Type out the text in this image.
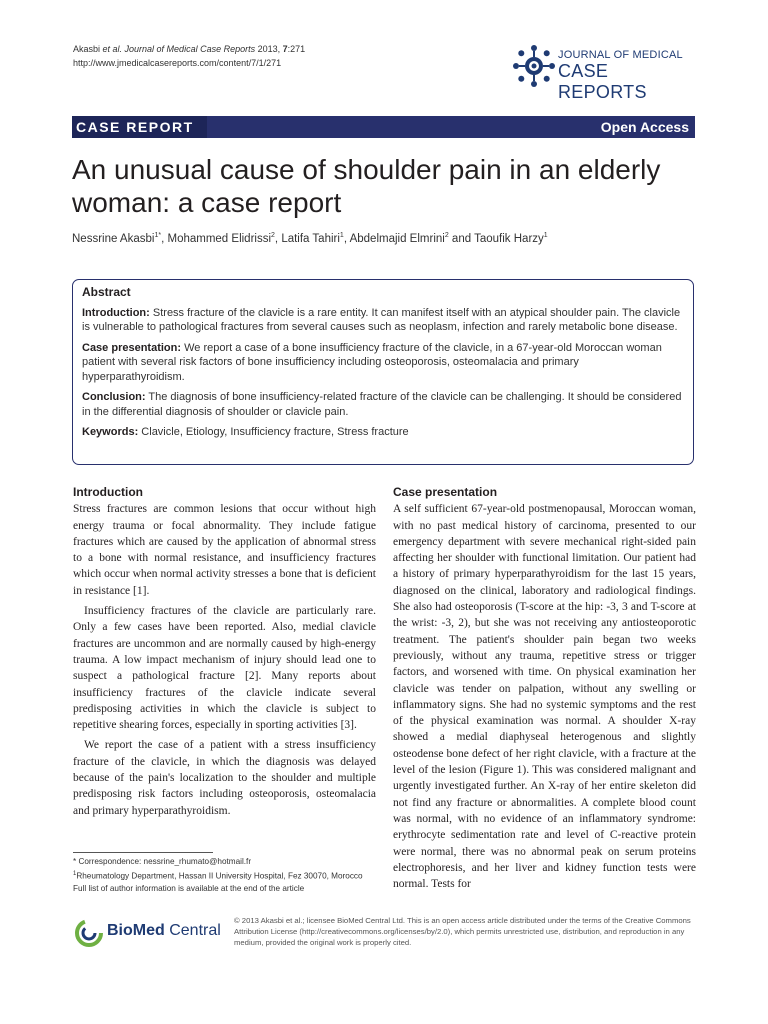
Akasbi et al. Journal of Medical Case Reports 2013, 7:271
http://www.jmedicalcasereports.com/content/7/1/271
JOURNAL OF MEDICAL
CASE REPORTS
CASE REPORT	Open Access
An unusual cause of shoulder pain in an elderly woman: a case report
Nessrine Akasbi$^{1*}$, Mohammed Elidrissi$^2$, Latifa Tahiri$^1$, Abdelmajid Elmrini$^2$ and Taoufik Harzy$^1$
Abstract

Introduction: Stress fracture of the clavicle is a rare entity. It can manifest itself with an atypical shoulder pain. The clavicle is vulnerable to pathological fractures from several causes such as neoplasm, infection and rarely metabolic bone disease.

Case presentation: We report a case of a bone insufficiency fracture of the clavicle, in a 67-year-old Moroccan woman patient with several risk factors of bone insufficiency including osteoporosis, osteomalacia and primary hyperparathyroidism.

Conclusion: The diagnosis of bone insufficiency-related fracture of the clavicle can be challenging. It should be considered in the differential diagnosis of shoulder or clavicle pain.

Keywords: Clavicle, Etiology, Insufficiency fracture, Stress fracture

Introduction

Stress fractures are common lesions that occur without high energy trauma or focal abnormality. They include fatigue fractures which are caused by the application of abnormal stress to a bone with normal resistance, and insufficiency fractures which occur when normal activity stresses a bone that is deficient in resistance [1].

Insufficiency fractures of the clavicle are particularly rare. Only a few cases have been reported. Also, medial clavicle fractures are uncommon and are normally caused by high-energy trauma. A low impact mechanism of injury should lead one to suspect a pathological fracture [2]. Many reports about insufficiency fractures of the clavicle indicate several predisposing activities in which the clavicle is subject to repetitive shearing forces, especially in sporting activities [3].

We report the case of a patient with a stress insufficiency fracture of the clavicle, in which the diagnosis was delayed because of the pain's localization to the shoulder and multiple predisposing risk factors including osteoporosis, osteomalacia and primary hyperparathyroidism.

Case presentation

A self sufficient 67-year-old postmenopausal, Moroccan woman, with no past medical history of carcinoma, presented to our emergency department with severe mechanical right-sided pain affecting her shoulder with functional limitation. Our patient had a history of primary hyperparathyroidism for the last 15 years, diagnosed on the clinical, laboratory and radiological findings. She also had osteoporosis (T-score at the hip: -3, 3 and T-score at the wrist: -3, 2), but she was not receiving any antiosteoporotic treatment. The patient's shoulder pain began two weeks previously, without any trauma, repetitive stress or trigger factors, and worsened with time. On physical examination her clavicle was tender on palpation, without any swelling or inflammatory signs. She had no systemic symptoms and the rest of the physical examination was normal. A shoulder X-ray showed a medial diaphyseal heterogenous and slightly osteodense bone defect of her right clavicle, with a fracture at the level of the lesion (Figure 1). This was considered malignant and urgently investigated further. An X-ray of her entire skeleton did not find any fracture or abnormalities. A complete blood count was normal, with no evidence of an inflammatory syndrome: erythrocyte sedimentation rate and level of C-reactive protein were normal, there was no abnormal peak on serum proteins electrophoresis, and her liver and kidney function tests were normal. Tests for

* Correspondence: nessrine_rhumato@hotmail.fr
$^1$Rheumatology Department, Hassan II University Hospital, Fez 30070, Morocco
Full list of author information is available at the end of the article
BioMed Central
© 2013 Akasbi et al.; licensee BioMed Central Ltd. This is an open access article distributed under the terms of the Creative Commons Attribution License (http://creativecommons.org/licenses/by/2.0), which permits unrestricted use, distribution, and reproduction in any medium, provided the original work is properly cited.
